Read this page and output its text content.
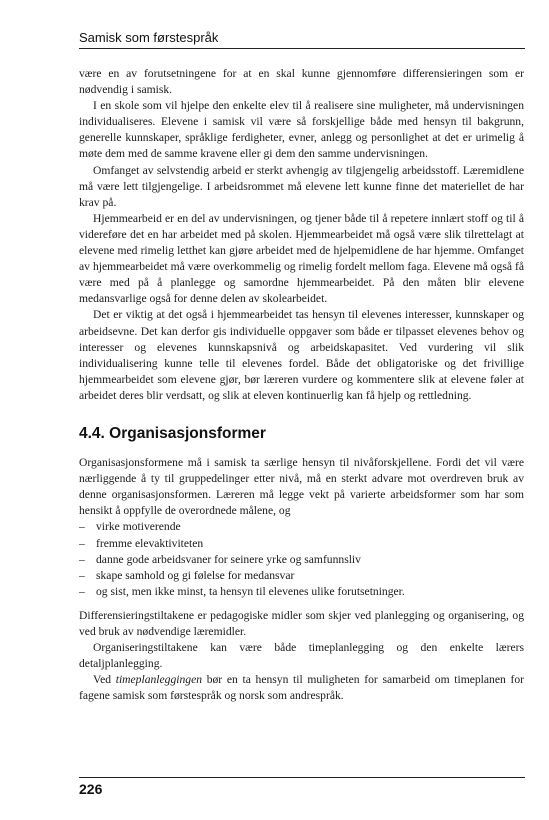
Samisk som førstespråk

være en av forutsetningene for at en skal kunne gjennomføre differensieringen som er nødvendig i samisk.

I en skole som vil hjelpe den enkelte elev til å realisere sine muligheter, må undervisningen individualiseres. Elevene i samisk vil være så forskjellige både med hensyn til bakgrunn, generelle kunnskaper, språklige ferdigheter, evner, anlegg og personlighet at det er urimelig å møte dem med de samme kravene eller gi dem den samme undervisningen.

Omfanget av selvstendig arbeid er sterkt avhengig av tilgjengelig arbeidsstoff. Læremidlene må være lett tilgjengelige. I arbeidsrommet må elevene lett kunne finne det materiellet de har krav på.

Hjemmearbeid er en del av undervisningen, og tjener både til å repetere innlært stoff og til å videreføre det en har arbeidet med på skolen. Hjemmearbeidet må også være slik tilrettelagt at elevene med rimelig letthet kan gjøre arbeidet med de hjelpemidlene de har hjemme. Omfanget av hjemmearbeidet må være overkommelig og rimelig fordelt mellom faga. Elevene må også få være med på å planlegge og samordne hjemmearbeidet. På den måten blir elevene medansvarlige også for denne delen av skolearbeidet.

Det er viktig at det også i hjemmearbeidet tas hensyn til elevenes interesser, kunnskaper og arbeidsevne. Det kan derfor gis individuelle oppgaver som både er tilpasset elevenes behov og interesser og elevenes kunnskapsnivå og arbeidskapasitet. Ved vurdering vil slik individualisering kunne telle til elevenes fordel. Både det obligatoriske og det frivillige hjemmearbeidet som elevene gjør, bør læreren vurdere og kommentere slik at elevene føler at arbeidet deres blir verdsatt, og slik at eleven kontinuerlig kan få hjelp og rettledning.

4.4. Organisasjonsformer

Organisasjonsformene må i samisk ta særlige hensyn til nivåforskjellene. Fordi det vil være nærliggende å ty til gruppedelinger etter nivå, må en sterkt advare mot overdreven bruk av denne organisasjonsformen. Læreren må legge vekt på varierte arbeidsformer som har som hensikt å oppfylle de overordnede målene, og

– virke motiverende
– fremme elevaktiviteten
– danne gode arbeidsvaner for seinere yrke og samfunnsliv
– skape samhold og gi følelse for medansvar
– og sist, men ikke minst, ta hensyn til elevenes ulike forutsetninger.

Differensieringstiltakene er pedagogiske midler som skjer ved planlegging og organisering, og ved bruk av nødvendige læremidler.

Organiseringstiltakene kan være både timeplanlegging og den enkelte lærers detaljplanlegging.

Ved timeplanleggingen bør en ta hensyn til muligheten for samarbeid om timeplanen for fagene samisk som førstespråk og norsk som andrespråk.

226
